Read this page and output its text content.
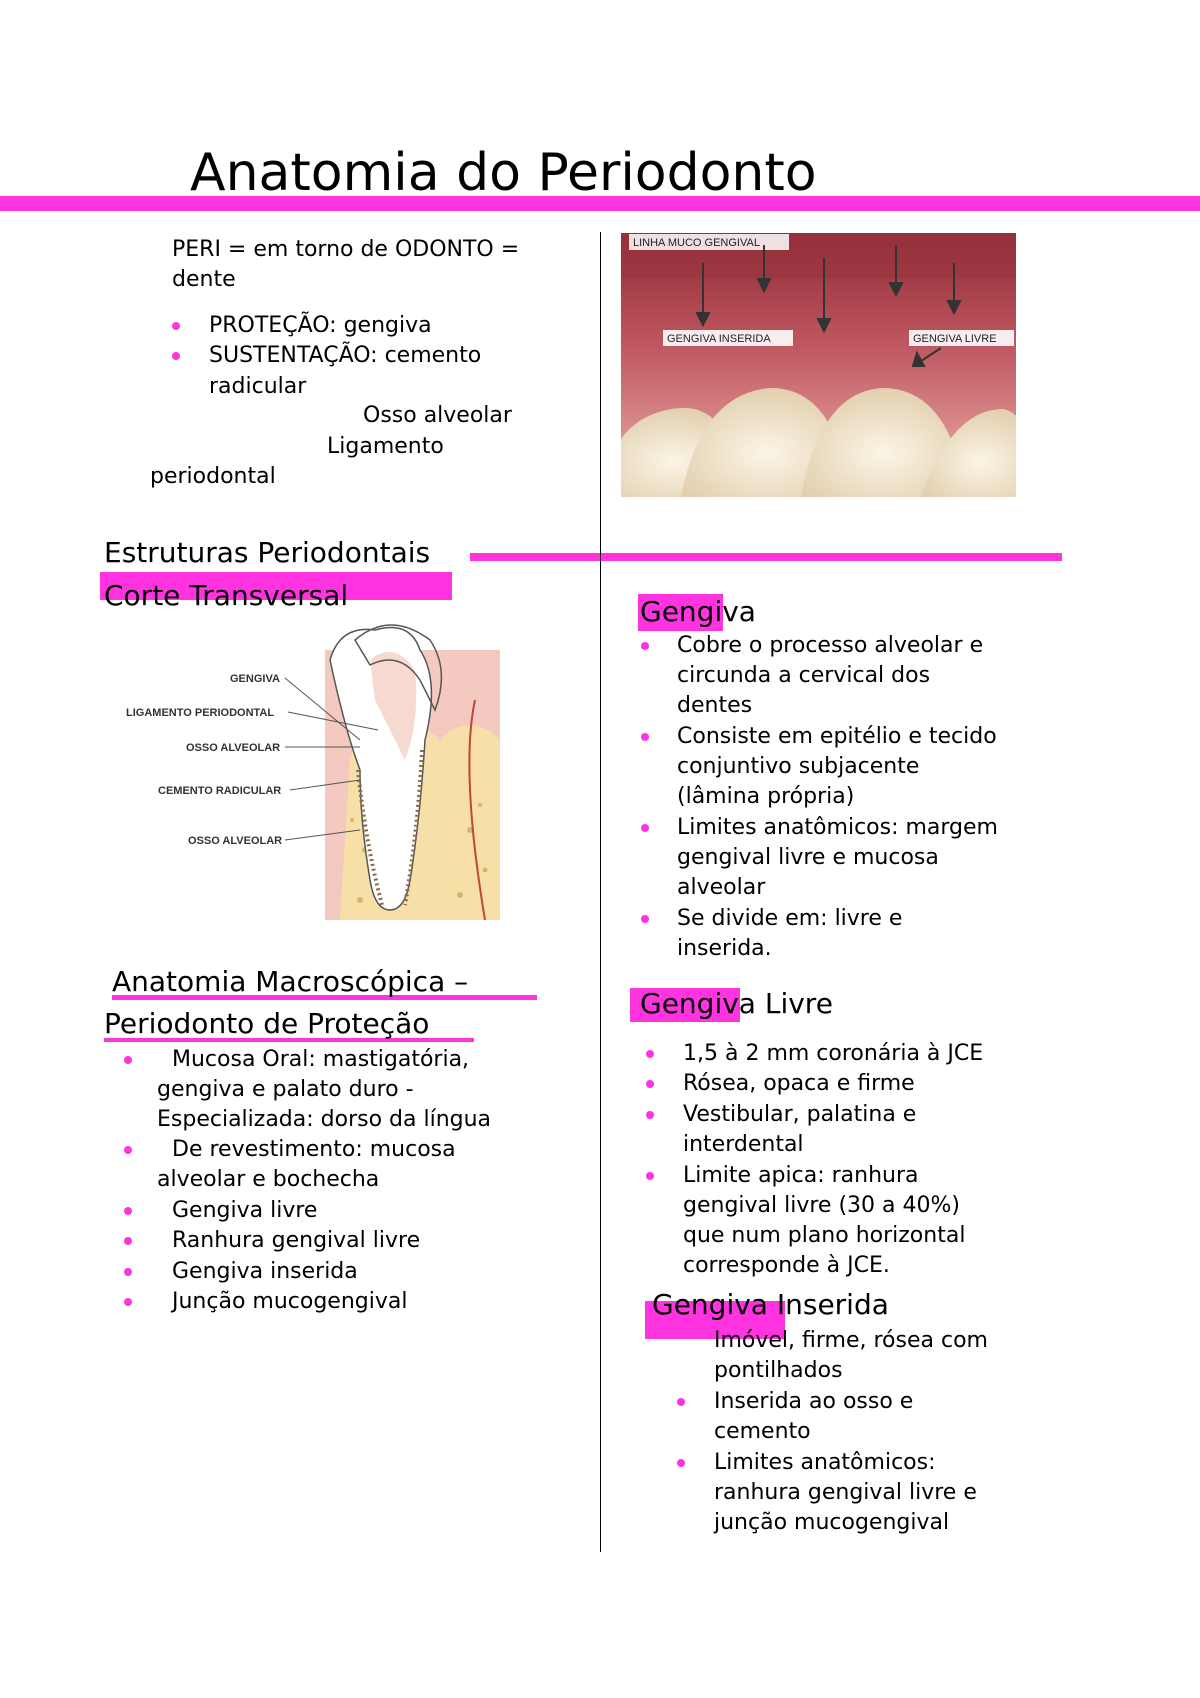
Anatomia do Periodonto
PERI = em torno de ODONTO =
dente
PROTEÇÃO: gengiva
SUSTENTAÇÃO: cemento
radicular
Osso alveolar
Ligamento
periodontal
LINHA MUCO GENGIVAL
GENGIVA INSERIDA	GENGIVA LIVRE
Estruturas Periodontais
Corte Transversal
GENGIVA
LIGAMENTO PERIODONTAL
OSSO ALVEOLAR
CEMENTO RADICULAR
OSSO ALVEOLAR
Anatomia Macroscópica –
Periodonto de Proteção
Mucosa Oral: mastigatória,
gengiva e palato duro -
Especializada: dorso da língua
De revestimento: mucosa
alveolar e bochecha
Gengiva livre
Ranhura gengival livre
Gengiva inserida
Junção mucogengival
Gengiva
Cobre o processo alveolar e
circunda a cervical dos
dentes
Consiste em epitélio e tecido
conjuntivo subjacente
(lâmina própria)
Limites anatômicos: margem
gengival livre e mucosa
alveolar
Se divide em: livre e
inserida.
Gengiva Livre
1,5 à 2 mm coronária à JCE
Rósea, opaca e firme
Vestibular, palatina e
interdental
Limite apica: ranhura
gengival livre (30 a 40%)
que num plano horizontal
corresponde à JCE.
Gengiva Inserida
Imóvel, firme, rósea com
pontilhados
Inserida ao osso e
cemento
Limites anatômicos:
ranhura gengival livre e
junção mucogengival
